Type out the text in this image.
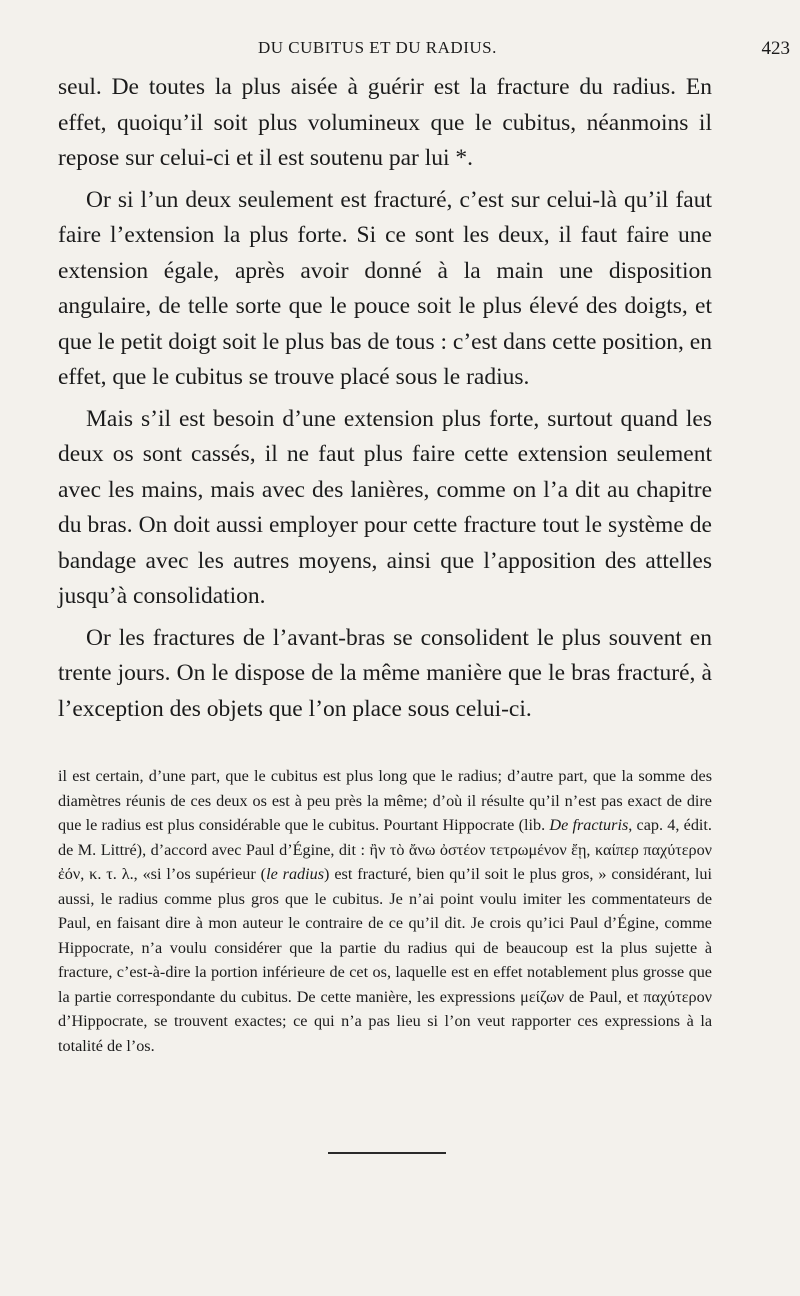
DU CUBITUS ET DU RADIUS.	423

seul. De toutes la plus aisée à guérir est la fracture du radius. En effet, quoiqu’il soit plus volumineux que le cubitus, néanmoins il repose sur celui-ci et il est soutenu par lui *.

Or si l’un deux seulement est fracturé, c’est sur celui-là qu’il faut faire l’extension la plus forte. Si ce sont les deux, il faut faire une extension égale, après avoir donné à la main une disposition angulaire, de telle sorte que le pouce soit le plus élevé des doigts, et que le petit doigt soit le plus bas de tous : c’est dans cette position, en effet, que le cubitus se trouve placé sous le radius.

Mais s’il est besoin d’une extension plus forte, surtout quand les deux os sont cassés, il ne faut plus faire cette extension seulement avec les mains, mais avec des lanières, comme on l’a dit au chapitre du bras. On doit aussi employer pour cette fracture tout le système de bandage avec les autres moyens, ainsi que l’apposition des attelles jusqu’à consolidation.

Or les fractures de l’avant-bras se consolident le plus souvent en trente jours. On le dispose de la même manière que le bras fracturé, à l’exception des objets que l’on place sous celui-ci.

il est certain, d’une part, que le cubitus est plus long que le radius; d’autre part, que la somme des diamètres réunis de ces deux os est à peu près la même; d’où il résulte qu’il n’est pas exact de dire que le radius est plus considérable que le cubitus. Pourtant Hippocrate (lib. De fracturis, cap. 4, édit. de M. Littré), d’accord avec Paul d’Égine, dit : ἢν τὸ ἄνω ὀστέον τετρωμένον ἔῃ, καίπερ παχύτερον ἐόν, κ. τ. λ., «si l’os supérieur (le radius) est fracturé, bien qu’il soit le plus gros, » considérant, lui aussi, le radius comme plus gros que le cubitus. Je n’ai point voulu imiter les commentateurs de Paul, en faisant dire à mon auteur le contraire de ce qu’il dit. Je crois qu’ici Paul d’Égine, comme Hippocrate, n’a voulu considérer que la partie du radius qui de beaucoup est la plus sujette à fracture, c’est-à-dire la portion inférieure de cet os, laquelle est en effet notablement plus grosse que la partie correspondante du cubitus. De cette manière, les expressions μείζων de Paul, et παχύτερον d’Hippocrate, se trouvent exactes; ce qui n’a pas lieu si l’on veut rapporter ces expressions à la totalité de l’os.
